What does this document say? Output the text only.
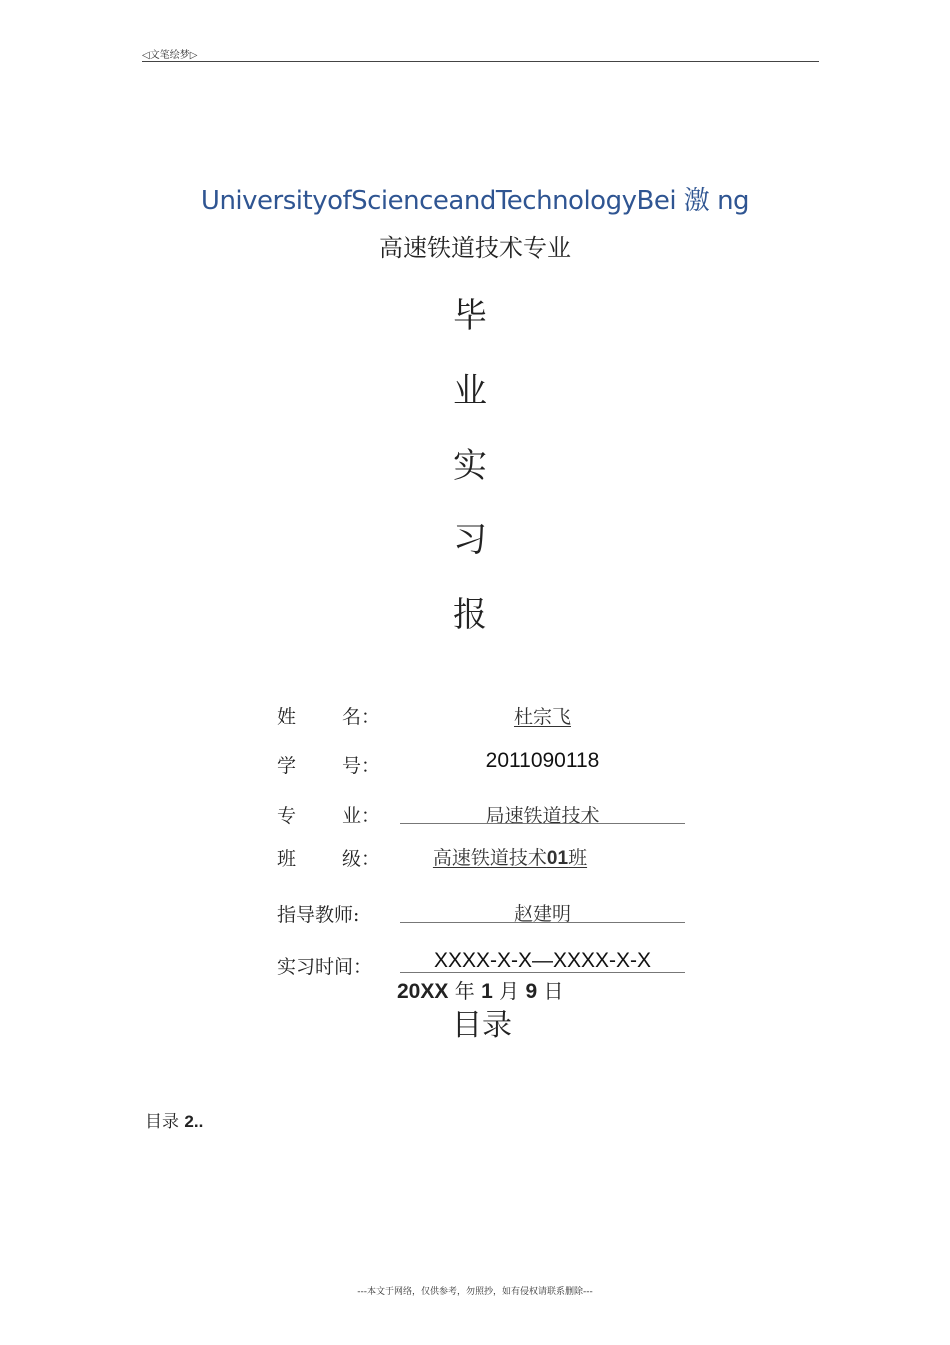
◁文笔绘梦▷
UniversityofScienceandTechnologyBei 激 ng
高速铁道技术专业
毕
业
实
习
报
姓 名：	杜宗飞
学 号：	2011090118
专 业：	局速铁道技术
班 级：	高速铁道技术01班
指导教师:	赵建明
实习时间：	XXXX-X-X—XXXX-X-X
20XX 年 1 月 9 日
目录
目录 2..
---本文于网络，仅供参考，勿照抄，如有侵权请联系删除---
